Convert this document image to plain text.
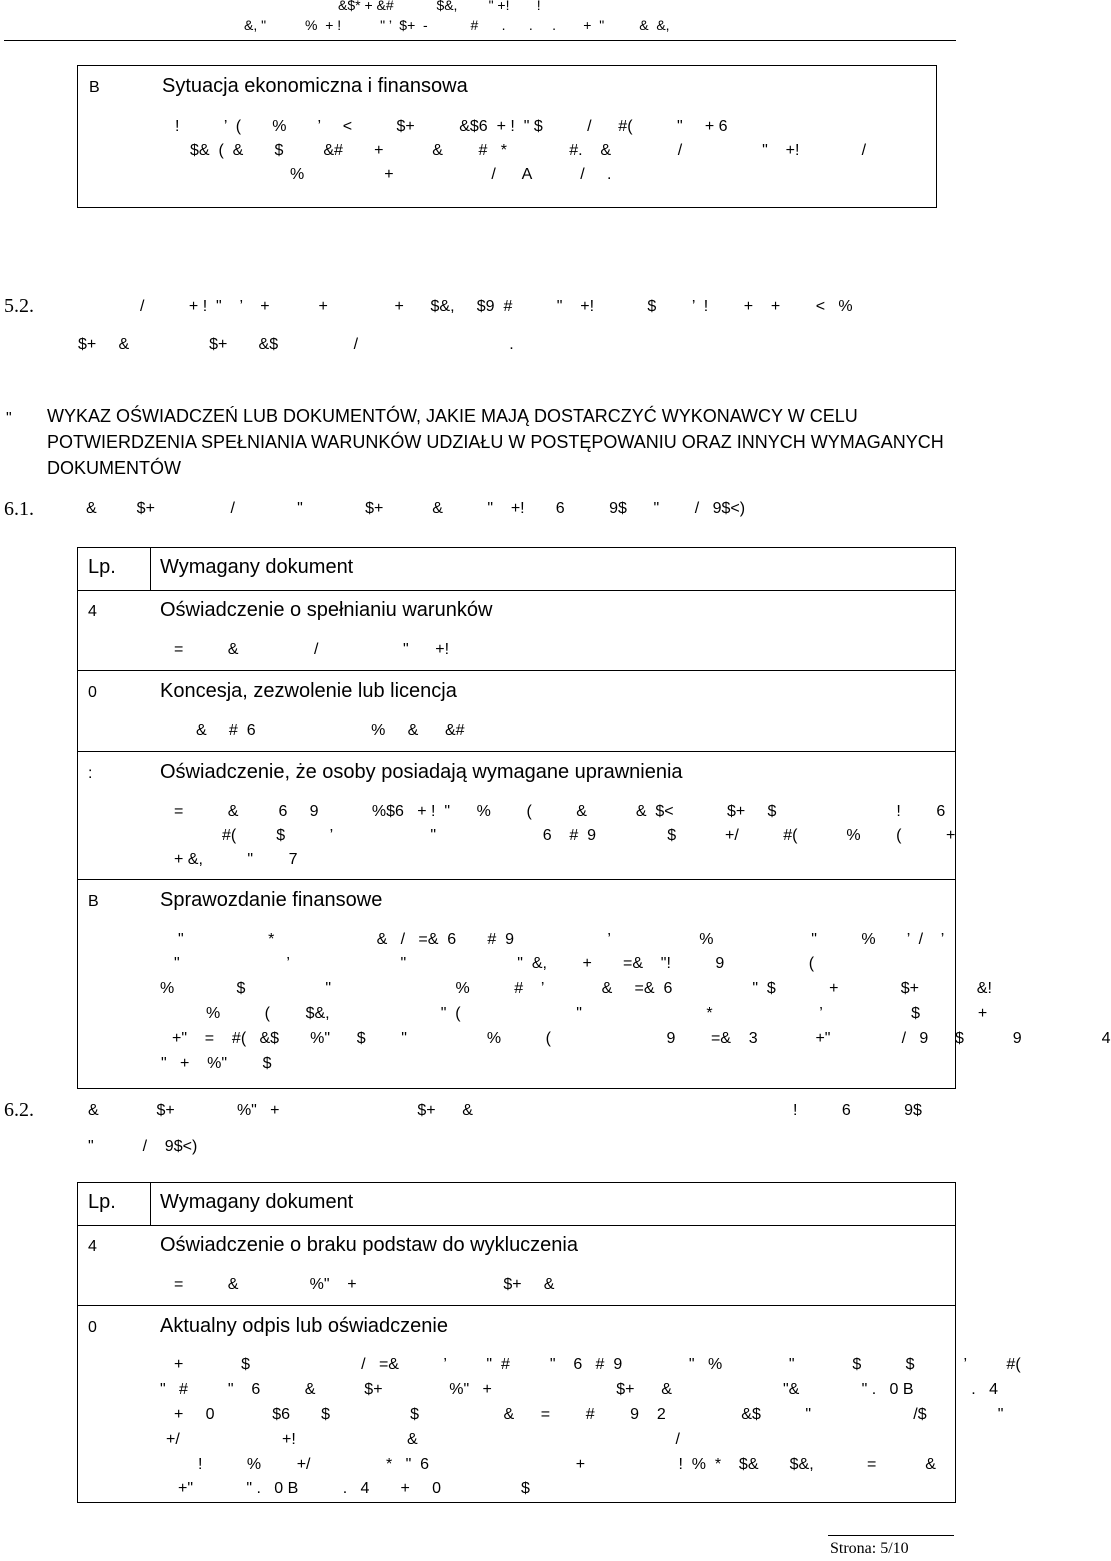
&$* + &#           $&,        " +!       !
&, "          %  + !          " ’  $+  -           #      .      .     .       +  "         &  &,
B	Sytuacja ekonomiczna i finansowa
!          ’  (       %       ’     <          $+          &$6  + !  " $          /      #(          "     + 6
$&  (  &       $         &#       +           &        #   *              #.    &               /                  "    +!              /
%                  +                      /      A           /     .
5.2.	/          + !  "    ’    +           +               +      $&,     $9  #          "    +!            $        ’  !        +    +        <   %
$+     &                  $+       &$                 /                                  .
" WYKAZ OŚWIADCZEŃ LUB DOKUMENTÓW, JAKIE MAJĄ DOSTARCZYĆ WYKONAWCY W CELU POTWIERDZENIA SPEŁNIANIA WARUNKÓW UDZIAŁU W POSTĘPOWANIU ORAZ INNYCH WYMAGANYCH DOKUMENTÓW
6.1.	&         $+                 /              "              $+           &          "    +!       6          9$      "        /   9$<)
Lp. Wymagany dokument
4	Oświadczenie o spełnianiu warunków
=          &                 /                   "      +!
0	Koncesja, zezwolenie lub licencja
&     #  6                          %     &      &#
:	Oświadczenie, że osoby posiadają wymagane uprawnienia
=          &         6     9            %$6   + !  "      %        (          &           &  $<            $+     $                           !        6
#(         $          ’                      "                        6    #  9                $           +/          #(           %        (          +
+ &,          "        7
B	Sprawozdanie finansowe
"                   *                       &   /   =&  6       #  9                     ’                    %                      "          %       ’  /    ’
"                        ’                         "                         "  &,        +       =&    "!          9                   (
%              $                  "                            %          #    ’             &     =&  6                  "  $            +              $+             &!
%          (        $&,                         "  (                          "                            *                        ’                    $             +
+"    =    #(   &$       %"      $        "                  %          (                          9        =&    3             +"                /   9      $           9                  4
"   +    %"        $
6.2.	&             $+              %"   +                               $+      &                                                                        !          6            9$
"           /    9$<)
Lp. Wymagany dokument
4	Oświadczenie o braku podstaw do wykluczenia
=          &                %"    +                                 $+     &
0	Aktualny odpis lub oświadczenie
+             $                         /   =&          ’         "  #         "    6   #  9               "   %               "             $          $           ’         #(
"   #         "    6          &           $+               %"   +                            $+      &                         "&              " .   0 B             .   4
+     0             $6       $                  $                   &      =        #        9    2                 &$          "                       /$                "
+/                       +!                         &                                                          /
!          %        +/                 *   "  6                                 +                     !  %  *    $&       $&,            =           &
+"            " .   0 B          .   4       +     0                  $
Strona: 5/10
